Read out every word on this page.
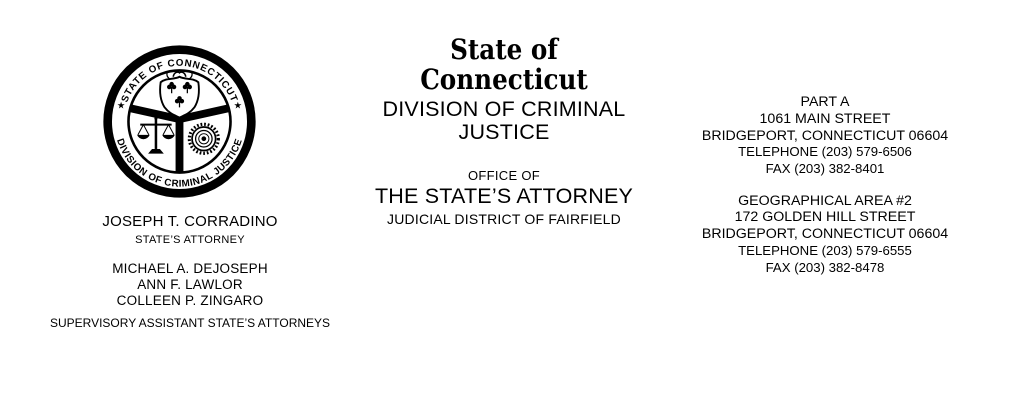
STATE OF CONNECTICUT
DIVISION OF CRIMINAL JUSTICE
★	★
JOSEPH T. CORRADINO
STATE’S ATTORNEY
MICHAEL A. DEJOSEPH
ANN F. LAWLOR
COLLEEN P. ZINGARO
SUPERVISORY ASSISTANT STATE’S ATTORNEYS
State of Connecticut
DIVISION OF CRIMINAL JUSTICE
OFFICE OF
THE STATE’S ATTORNEY
JUDICIAL DISTRICT OF FAIRFIELD
PART A
1061 MAIN STREET
BRIDGEPORT, CONNECTICUT 06604
TELEPHONE (203) 579-6506
FAX (203) 382-8401
GEOGRAPHICAL AREA #2
172 GOLDEN HILL STREET
BRIDGEPORT, CONNECTICUT 06604
TELEPHONE (203) 579-6555
FAX (203) 382-8478
